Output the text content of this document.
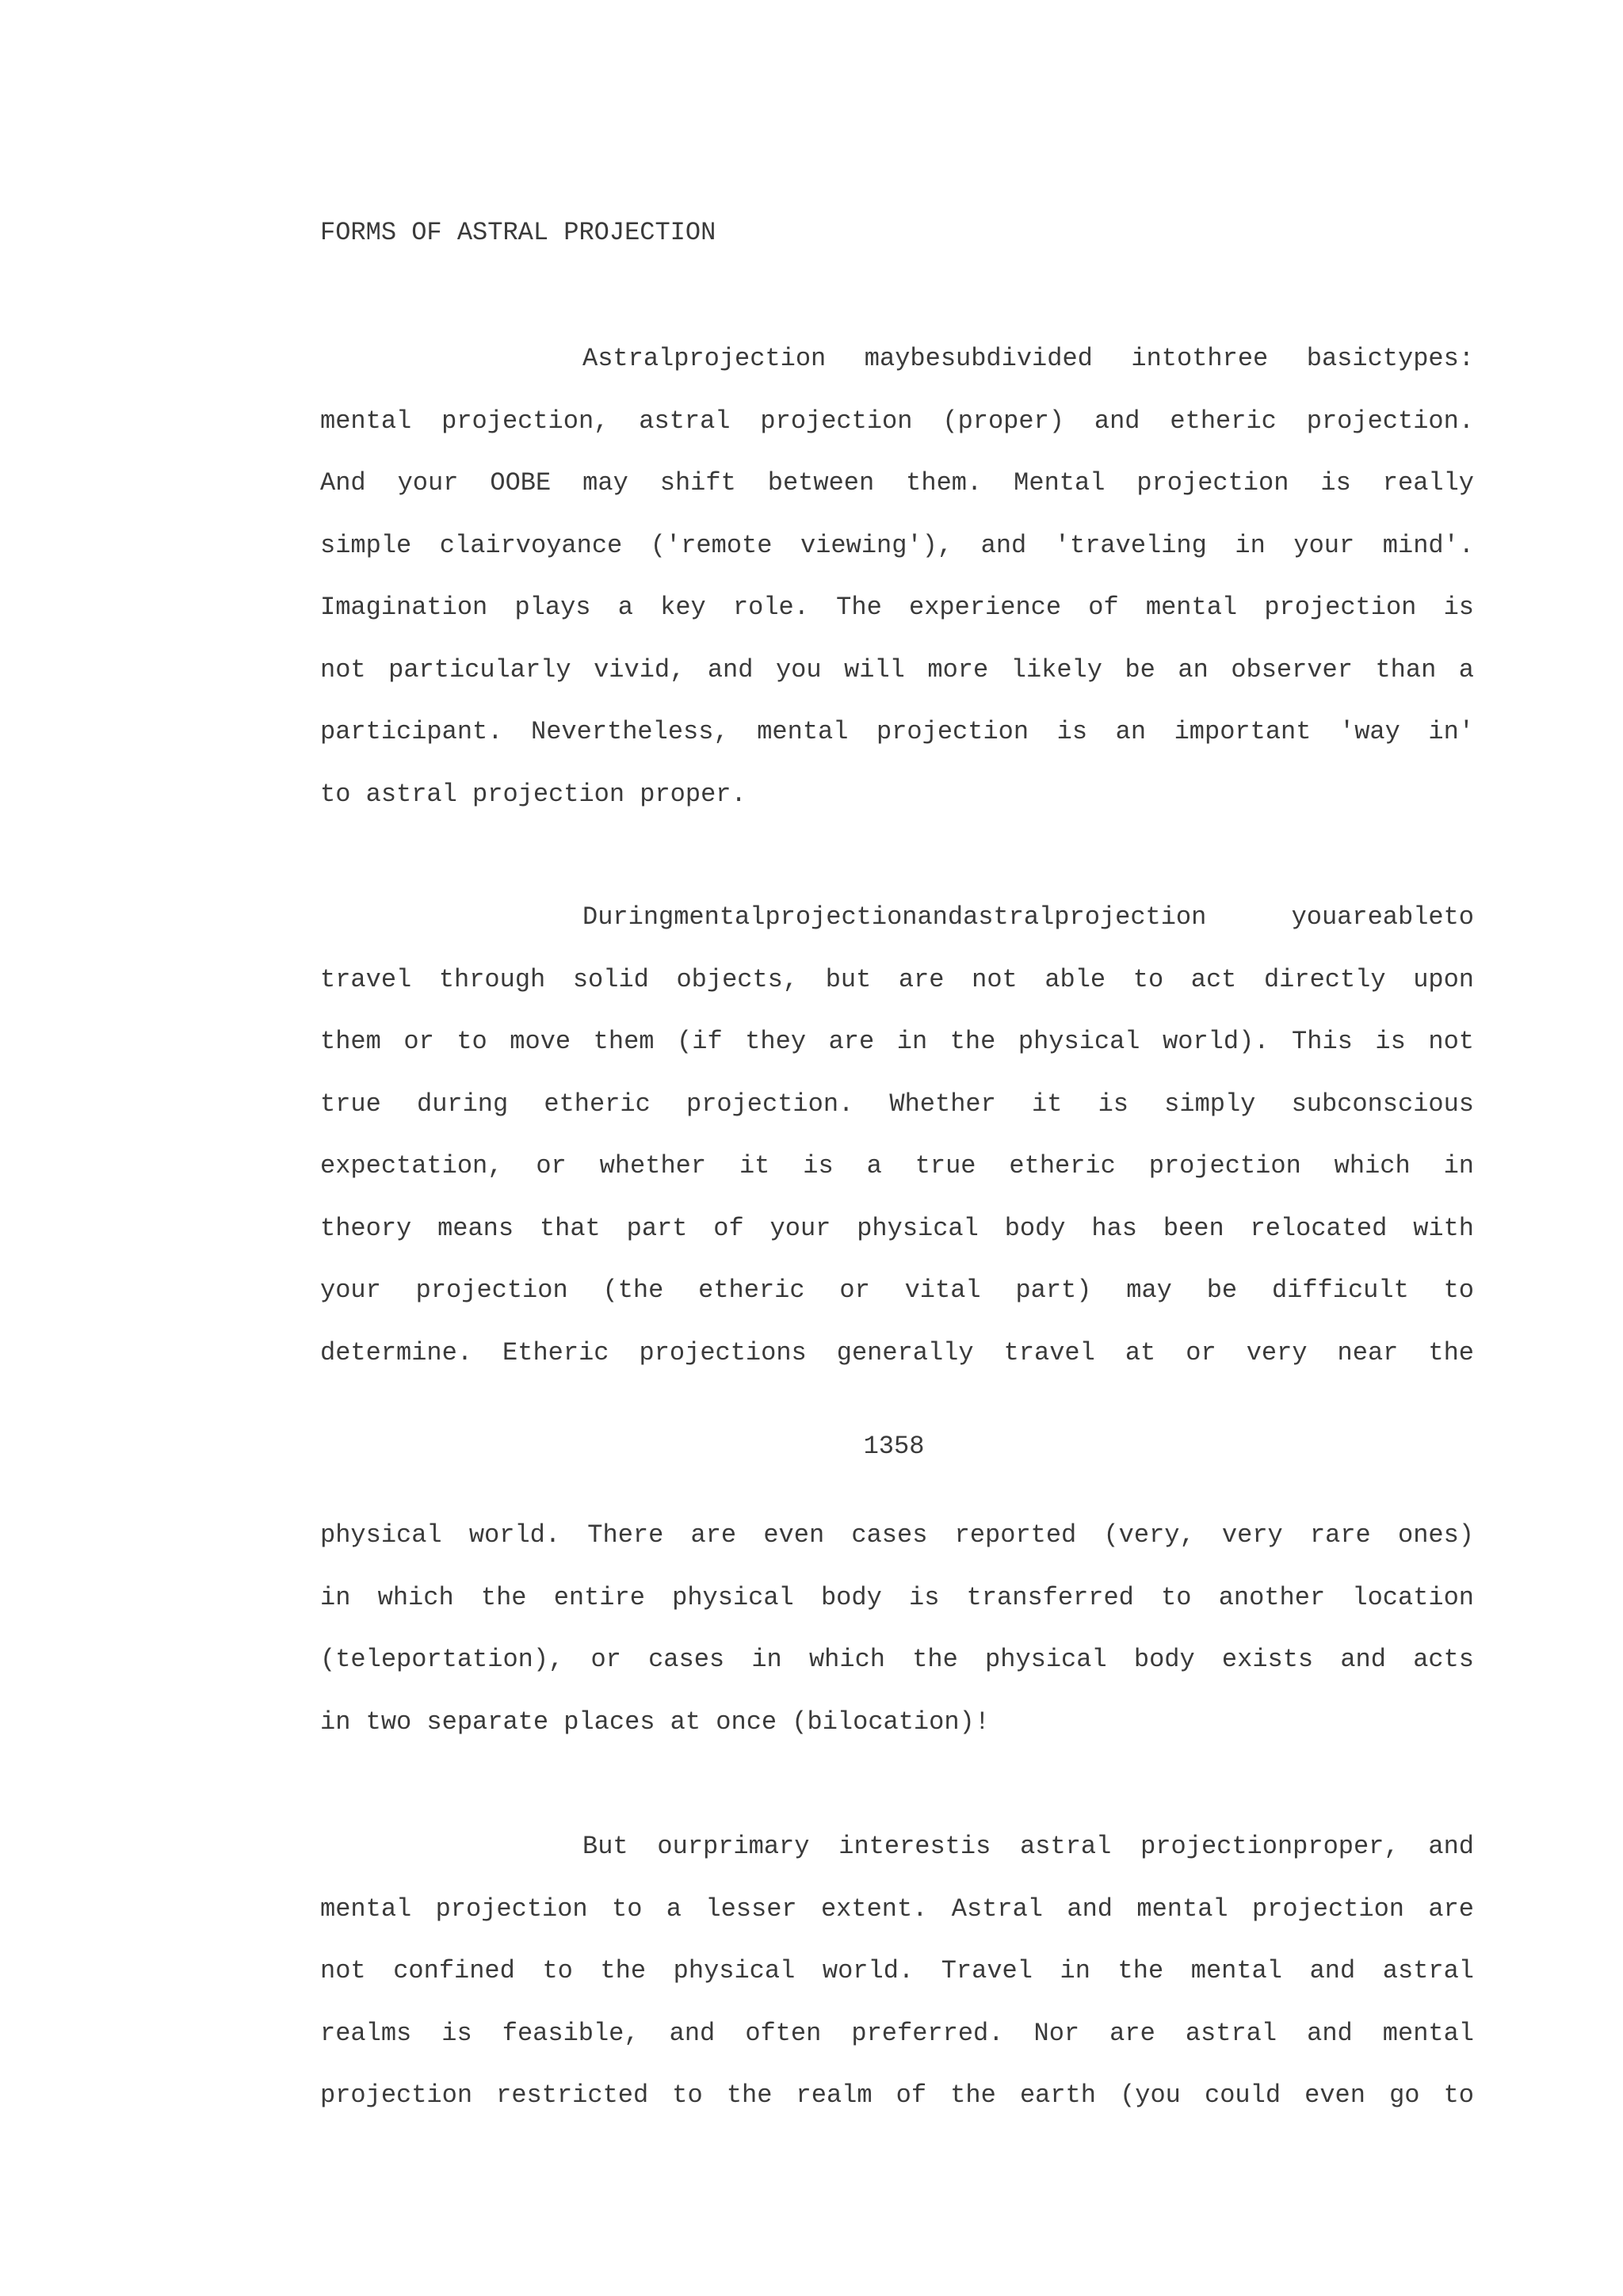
FORMS OF ASTRAL PROJECTION
Astralprojection maybesubdivided intothree basictypes:
mental projection, astral projection (proper) and etheric projection.
And your OOBE may shift between them. Mental projection is really
simple clairvoyance ('remote viewing'), and 'traveling in your mind'.
Imagination plays a key role. The experience of mental projection is
not particularly vivid, and you will more likely be an observer than a
participant. Nevertheless, mental projection is an important 'way in'
to astral projection proper.
Duringmentalprojectionandastralprojection youareableto
travel through solid objects, but are not able to act directly upon
them or to move them (if they are in the physical world). This is not
true during etheric projection. Whether it is simply subconscious
expectation, or whether it is a true etheric projection which in
theory means that part of your physical body has been relocated with
your projection (the etheric or vital part) may be difficult to
determine. Etheric projections generally travel at or very near the
1358
physical world. There are even cases reported (very, very rare ones)
in which the entire physical body is transferred to another location
(teleportation), or cases in which the physical body exists and acts
in two separate places at once (bilocation)!
But ourprimary interestis astral projectionproper, and
mental projection to a lesser extent. Astral and mental projection are
not confined to the physical world. Travel in the mental and astral
realms is feasible, and often preferred. Nor are astral and mental
projection restricted to the realm of the earth (you could even go to
